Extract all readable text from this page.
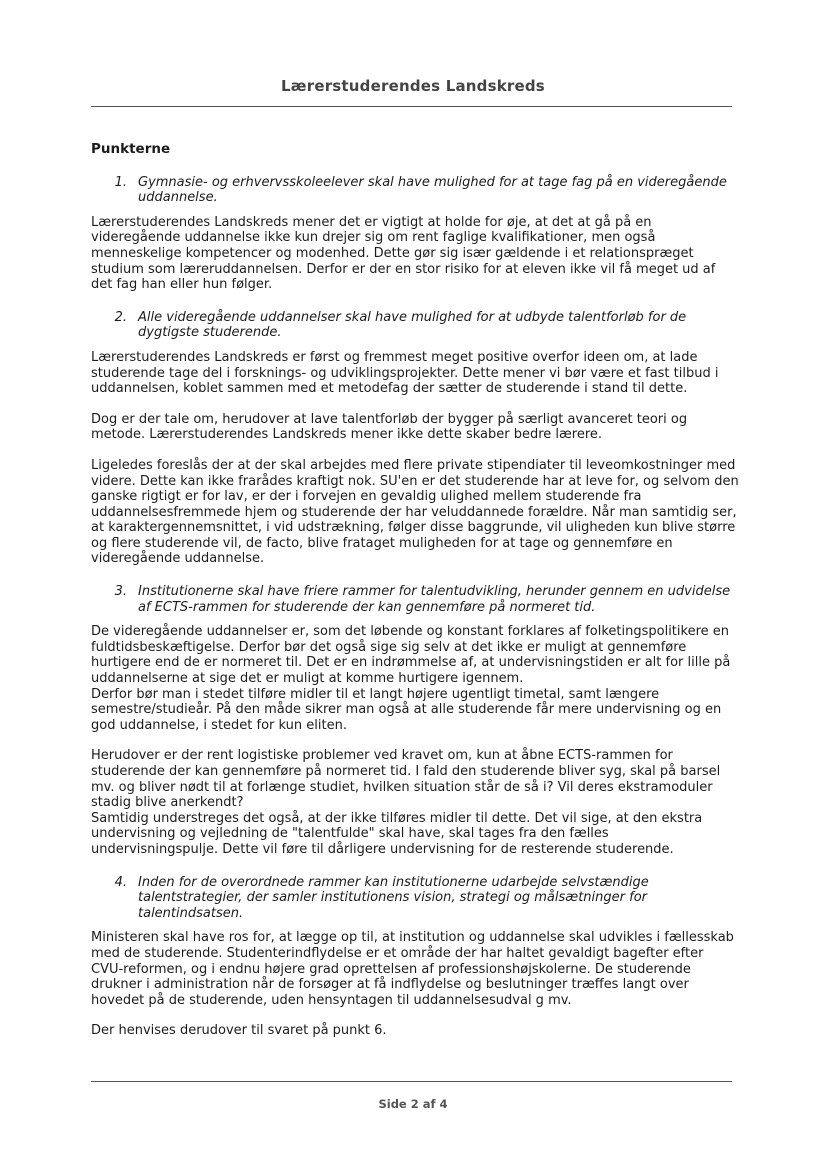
Lærerstuderendes Landskreds
Punkterne
1. Gymnasie- og erhvervsskoleelever skal have mulighed for at tage fag på en videregående uddannelse.

Lærerstuderendes Landskreds mener det er vigtigt at holde for øje, at det at gå på en videregående uddannelse ikke kun drejer sig om rent faglige kvalifikationer, men også menneskelige kompetencer og modenhed. Dette gør sig især gældende i et relationspræget studium som læreruddannelsen. Derfor er der en stor risiko for at eleven ikke vil få meget ud af det fag han eller hun følger.

2. Alle videregående uddannelser skal have mulighed for at udbyde talentforløb for de dygtigste studerende.

Lærerstuderendes Landskreds er først og fremmest meget positive overfor ideen om, at lade studerende tage del i forsknings- og udviklingsprojekter. Dette mener vi bør være et fast tilbud i uddannelsen, koblet sammen med et metodefag der sætter de studerende i stand til dette.

Dog er der tale om, herudover at lave talentforløb der bygger på særligt avanceret teori og metode. Lærerstuderendes Landskreds mener ikke dette skaber bedre lærere.

Ligeledes foreslås der at der skal arbejdes med flere private stipendiater til leveomkostninger med videre. Dette kan ikke frarådes kraftigt nok. SU'en er det studerende har at leve for, og selvom den ganske rigtigt er for lav, er der i forvejen en gevaldig ulighed mellem studerende fra uddannelsesfremmede hjem og studerende der har veluddannede forældre. Når man samtidig ser, at karaktergennemsnittet, i vid udstrækning, følger disse baggrunde, vil uligheden kun blive større og flere studerende vil, de facto, blive frataget muligheden for at tage og gennemføre en videregående uddannelse.

3. Institutionerne skal have friere rammer for talentudvikling, herunder gennem en udvidelse af ECTS-rammen for studerende der kan gennemføre på normeret tid.

De videregående uddannelser er, som det løbende og konstant forklares af folketingspolitikere en fuldtidsbeskæftigelse. Derfor bør det også sige sig selv at det ikke er muligt at gennemføre hurtigere end de er normeret til. Det er en indrømmelse af, at undervisningstiden er alt for lille på uddannelserne at sige det er muligt at komme hurtigere igennem.
Derfor bør man i stedet tilføre midler til et langt højere ugentligt timetal, samt længere semestre/studieår. På den måde sikrer man også at alle studerende får mere undervisning og en god uddannelse, i stedet for kun eliten.

Herudover er der rent logistiske problemer ved kravet om, kun at åbne ECTS-rammen for studerende der kan gennemføre på normeret tid. I fald den studerende bliver syg, skal på barsel mv. og bliver nødt til at forlænge studiet, hvilken situation står de så i? Vil deres ekstramoduler stadig blive anerkendt?
Samtidig understreges det også, at der ikke tilføres midler til dette. Det vil sige, at den ekstra undervisning og vejledning de "talentfulde" skal have, skal tages fra den fælles undervisningspulje. Dette vil føre til dårligere undervisning for de resterende studerende.

4. Inden for de overordnede rammer kan institutionerne udarbejde selvstændige talentstrategier, der samler institutionens vision, strategi og målsætninger for talentindsatsen.

Ministeren skal have ros for, at lægge op til, at institution og uddannelse skal udvikles i fællesskab med de studerende. Studenterindflydelse er et område der har haltet gevaldigt bagefter efter CVU-reformen, og i endnu højere grad oprettelsen af professionshøjskolerne. De studerende drukner i administration når de forsøger at få indflydelse og beslutninger træffes langt over hovedet på de studerende, uden hensyntagen til uddannelsesudval g mv.

Der henvises derudover til svaret på punkt 6.

Side 2 af 4
